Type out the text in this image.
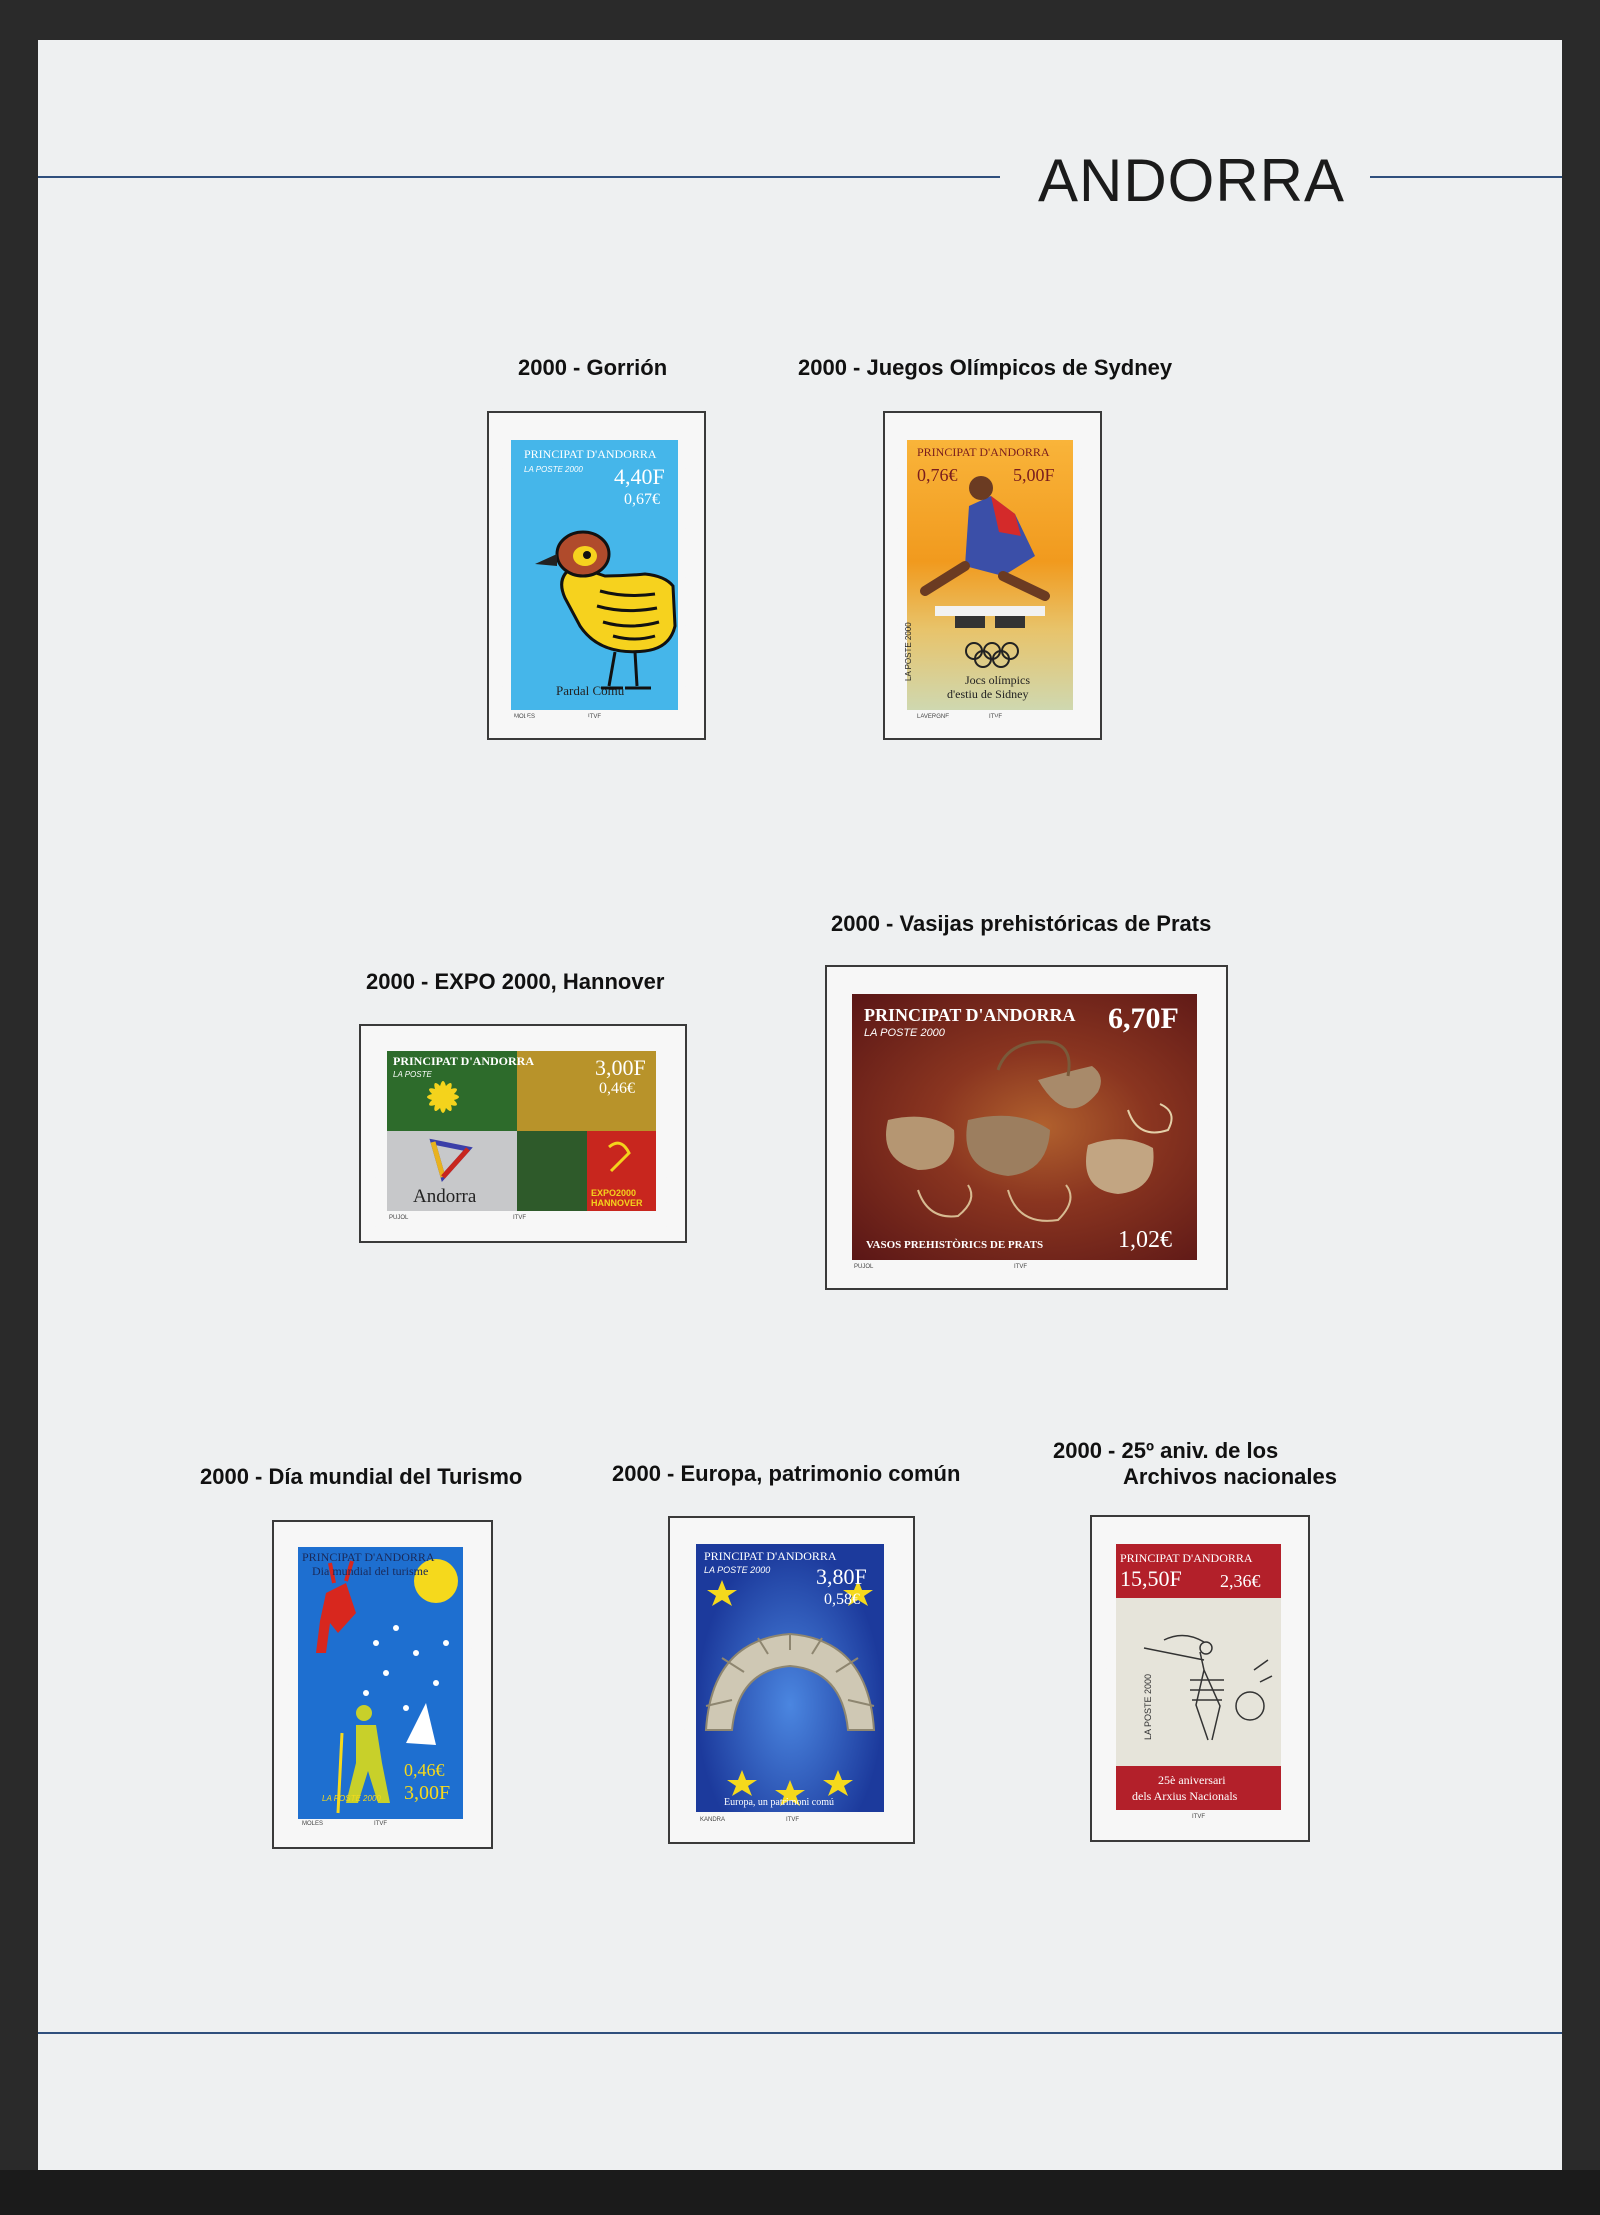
ANDORRA
2000 - Gorrión	2000 - Juegos Olímpicos de Sydney
PRINCIPAT D'ANDORRA
LA POSTE 2000 4,40F
0,67€
Pardal Comú
MOLES	ITVF
PRINCIPAT D'ANDORRA
0,76€	5,00F
LA POSTE 2000	Jocs olímpics
d'estiu de Sidney
LAVERGNE	ITVF
2000 - Vasijas prehistóricas de Prats
2000 - EXPO 2000, Hannover
PRINCIPAT D'ANDORRA
LA POSTE	3,00F
0,46€
Andorra	EXPO2000
HANNOVER
PUJOL	ITVF
PRINCIPAT D'ANDORRA
LA POSTE 2000	6,70F
VASOS PREHISTÒRICS DE PRATS	1,02€
PUJOL	ITVF
2000 - Día mundial del Turismo	2000 - Europa, patrimonio común
2000 - 25º aniv. de los
Archivos nacionales
PRINCIPAT D'ANDORRA
Dia mundial del turisme
0,46€
3,00F
LA POSTE 2000
MOLES	ITVF
PRINCIPAT D'ANDORRA
LA POSTE 2000 3,80F
0,58€
Europa, un patrimoni comú
KANDRA	ITVF
PRINCIPAT D'ANDORRA
15,50F 2,36€
LA POSTE 2000
25è aniversari
dels Arxius Nacionals
ITVF
